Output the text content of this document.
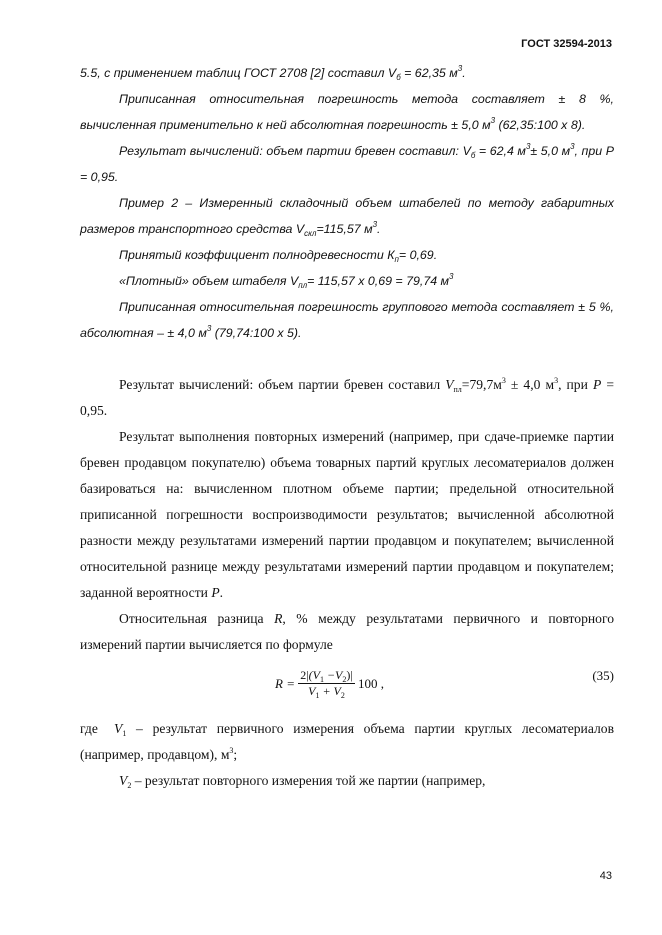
ГОСТ 32594-2013

5.5, с применением таблиц ГОСТ 2708 [2] составил $V_б = 62,35$ $м^3$.

Приписанная относительная погрешность метода составляет ± 8 %, вычисленная применительно к ней абсолютная погрешность ± 5,0 $м^3$ (62,35:100 х 8).

Результат вычислений: объем партии бревен составил: $V_б = 62,4$ $м^3\pm 5,0$ $м^3$, при Р = 0,95.

Пример 2 – Измеренный складочный объем штабелей по методу габаритных размеров транспортного средства $V_{скл}=115,57$ $м^3$.

Принятый коэффициент полнодревесности $К_п= 0,69$.

«Плотный» объем штабеля $V_{пл}= 115,57$ х 0,69 = 79,74 $м^3$

Приписанная относительная погрешность группового метода составляет ± 5 %, абсолютная – ± 4,0 $м^3$ (79,74:100 х 5).

Результат вычислений: объем партии бревен составил $V_{пл}=79,7м^3 \pm 4,0$ $м^3$, при Р = 0,95.

Результат выполнения повторных измерений (например, при сдаче-приемке партии бревен продавцом покупателю) объема товарных партий круглых лесоматериалов должен базироваться на: вычисленном плотном объеме партии; предельной относительной приписанной погрешности воспроизводимости результатов; вычисленной абсолютной разности между результатами измерений партии продавцом и покупателем; вычисленной относительной разнице между результатами измерений партии продавцом и покупателем; заданной вероятности Р.

Относительная разница R, % между результатами первичного и повторного измерений партии вычисляется по формуле

$R = \frac{2|(V_1 -V_2)|}{V_1 + V_2} 100$ ,	(35)

где $V_1$ – результат первичного измерения объема партии круглых лесоматериалов (например, продавцом), $м^3$;

$V_2$ – результат повторного измерения той же партии (например,

43
